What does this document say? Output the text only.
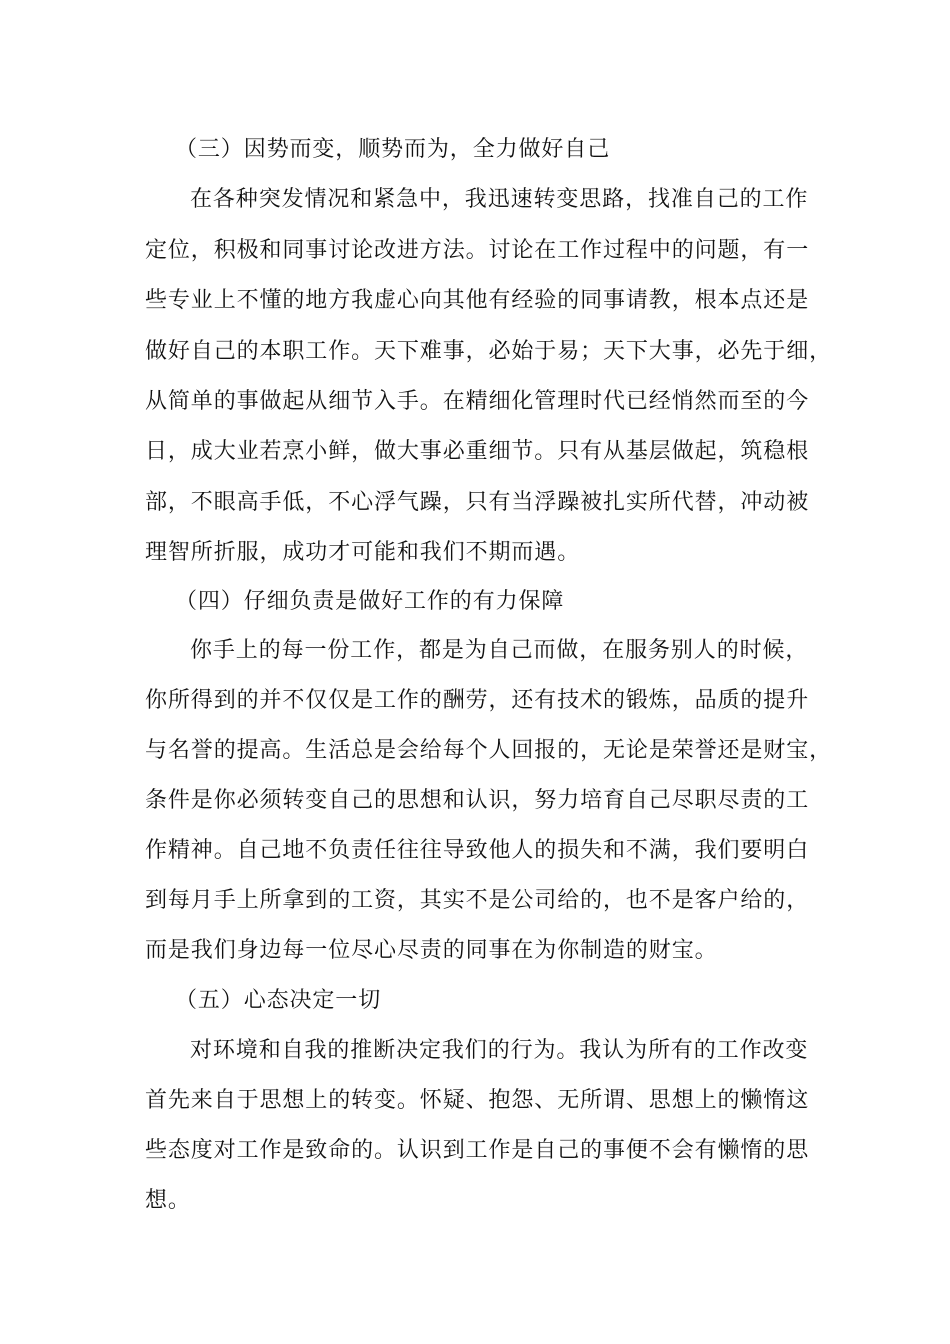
（三）因势而变，顺势而为，全力做好自己

在各种突发情况和紧急中，我迅速转变思路，找准自己的工作

定位，积极和同事讨论改进方法。讨论在工作过程中的问题，有一

些专业上不懂的地方我虚心向其他有经验的同事请教，根本点还是

做好自己的本职工作。天下难事，必始于易；天下大事，必先于细，

从简单的事做起从细节入手。在精细化管理时代已经悄然而至的今

日，成大业若烹小鲜，做大事必重细节。只有从基层做起，筑稳根

部，不眼高手低，不心浮气躁，只有当浮躁被扎实所代替，冲动被

理智所折服，成功才可能和我们不期而遇。

（四）仔细负责是做好工作的有力保障

你手上的每一份工作，都是为自己而做，在服务别人的时候，

你所得到的并不仅仅是工作的酬劳，还有技术的锻炼，品质的提升

与名誉的提高。生活总是会给每个人回报的，无论是荣誉还是财宝，

条件是你必须转变自己的思想和认识，努力培育自己尽职尽责的工

作精神。自己地不负责任往往导致他人的损失和不满，我们要明白

到每月手上所拿到的工资，其实不是公司给的，也不是客户给的，

而是我们身边每一位尽心尽责的同事在为你制造的财宝。

（五）心态决定一切

对环境和自我的推断决定我们的行为。我认为所有的工作改变

首先来自于思想上的转变。怀疑、抱怨、无所谓、思想上的懒惰这

些态度对工作是致命的。认识到工作是自己的事便不会有懒惰的思

想。
